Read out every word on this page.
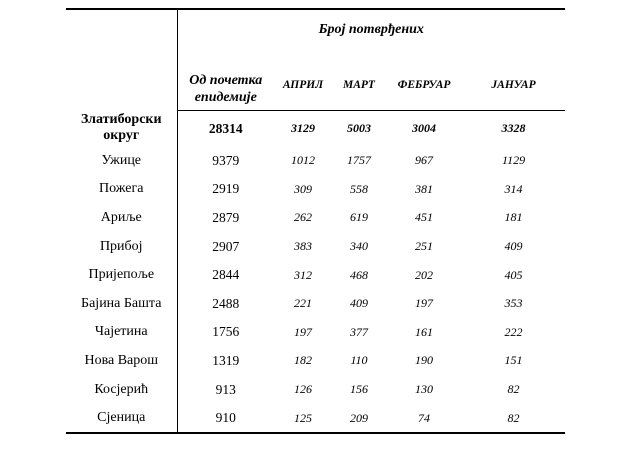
	Број потврђених				
	Од почетка епидемије	АПРИЛ	МАРТ	ФЕБРУАР	ЈАНУАР
Златиборски округ	28314	3129	5003	3004	3328
Ужице	9379	1012	1757	967	1129
Пожега	2919	309	558	381	314
Ариље	2879	262	619	451	181
Прибој	2907	383	340	251	409
Пријепоље	2844	312	468	202	405
Бајина Башта	2488	221	409	197	353
Чајетина	1756	197	377	161	222
Нова Варош	1319	182	110	190	151
Косјерић	913	126	156	130	82
Сјеница	910	125	209	74	82
